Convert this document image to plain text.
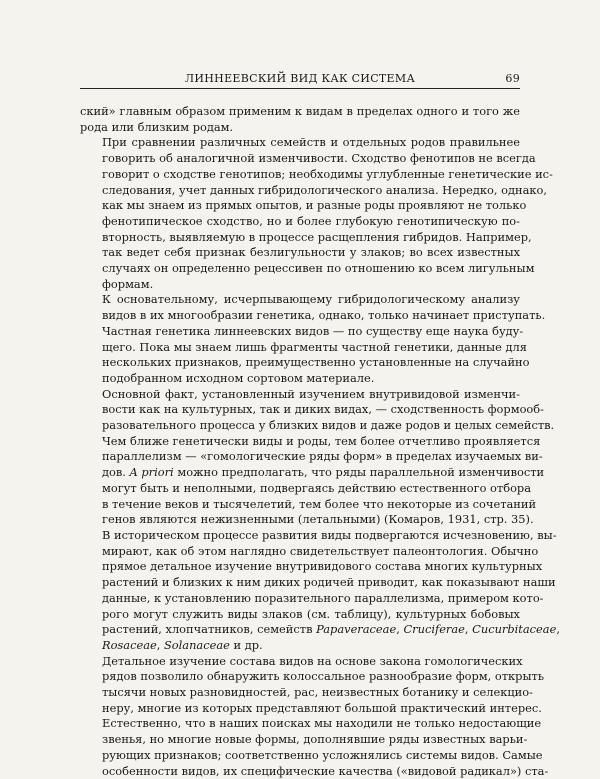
ЛИННЕЕВСКИЙ ВИД КАК СИСТЕМА	69

ский» главным образом применим к видам в пределах одного и того же
рода или близким родам.

При сравнении различных семейств и отдельных родов правильнее
говорить об аналогичной изменчивости. Сходство фенотипов не всегда
говорит о сходстве генотипов; необходимы углубленные генетические ис-
следования, учет данных гибридологического анализа. Нередко, однако,
как мы знаем из прямых опытов, и разные роды проявляют не только
фенотипическое сходство, но и более глубокую генотипическую по-
вторность, выявляемую в процессе расщепления гибридов. Например,
так ведет себя признак безлигульности у злаков; во всех известных
случаях он определенно рецессивен по отношению ко всем лигульным
формам.

К основательному, исчерпывающему гибридологическому анализу
видов в их многообразии генетика, однако, только начинает приступать.
Частная генетика линнеевских видов — по существу еще наука буду-
щего. Пока мы знаем лишь фрагменты частной генетики, данные для
нескольких признаков, преимущественно установленные на случайно
подобранном исходном сортовом материале.

Основной факт, установленный изучением внутривидовой изменчи-
вости как на культурных, так и диких видах, — сходственность формооб-
разовательного процесса у близких видов и даже родов и целых семейств.
Чем ближе генетически виды и роды, тем более отчетливо проявляется
параллелизм — «гомологические ряды форм» в пределах изучаемых ви-
дов. A priori можно предполагать, что ряды параллельной изменчивости
могут быть и неполными, подвергаясь действию естественного отбора
в течение веков и тысячелетий, тем более что некоторые из сочетаний
генов являются нежизненными (летальными) (Комаров, 1931, стр. 35).
В историческом процессе развития виды подвергаются исчезновению, вы-
мирают, как об этом наглядно свидетельствует палеонтология. Обычно
прямое детальное изучение внутривидового состава многих культурных
растений и близких к ним диких родичей приводит, как показывают наши
данные, к установлению поразительного параллелизма, примером кото-
рого могут служить виды злаков (см. таблицу), культурных бобовых
растений, хлопчатников, семейств Papaveraceae, Cruciferae, Cucurbitaceae,
Rosaceae, Solanaceae и др.

Детальное изучение состава видов на основе закона гомологических
рядов позволило обнаружить колоссальное разнообразие форм, открыть
тысячи новых разновидностей, рас, неизвестных ботанику и селекцио-
неру, многие из которых представляют большой практический интерес.
Естественно, что в наших поисках мы находили не только недостающие
звенья, но многие новые формы, дополнявшие ряды известных варьи-
рующих признаков; соответственно усложнялись системы видов. Самые
особенности видов, их специфические качества («видовой радикал») ста-
